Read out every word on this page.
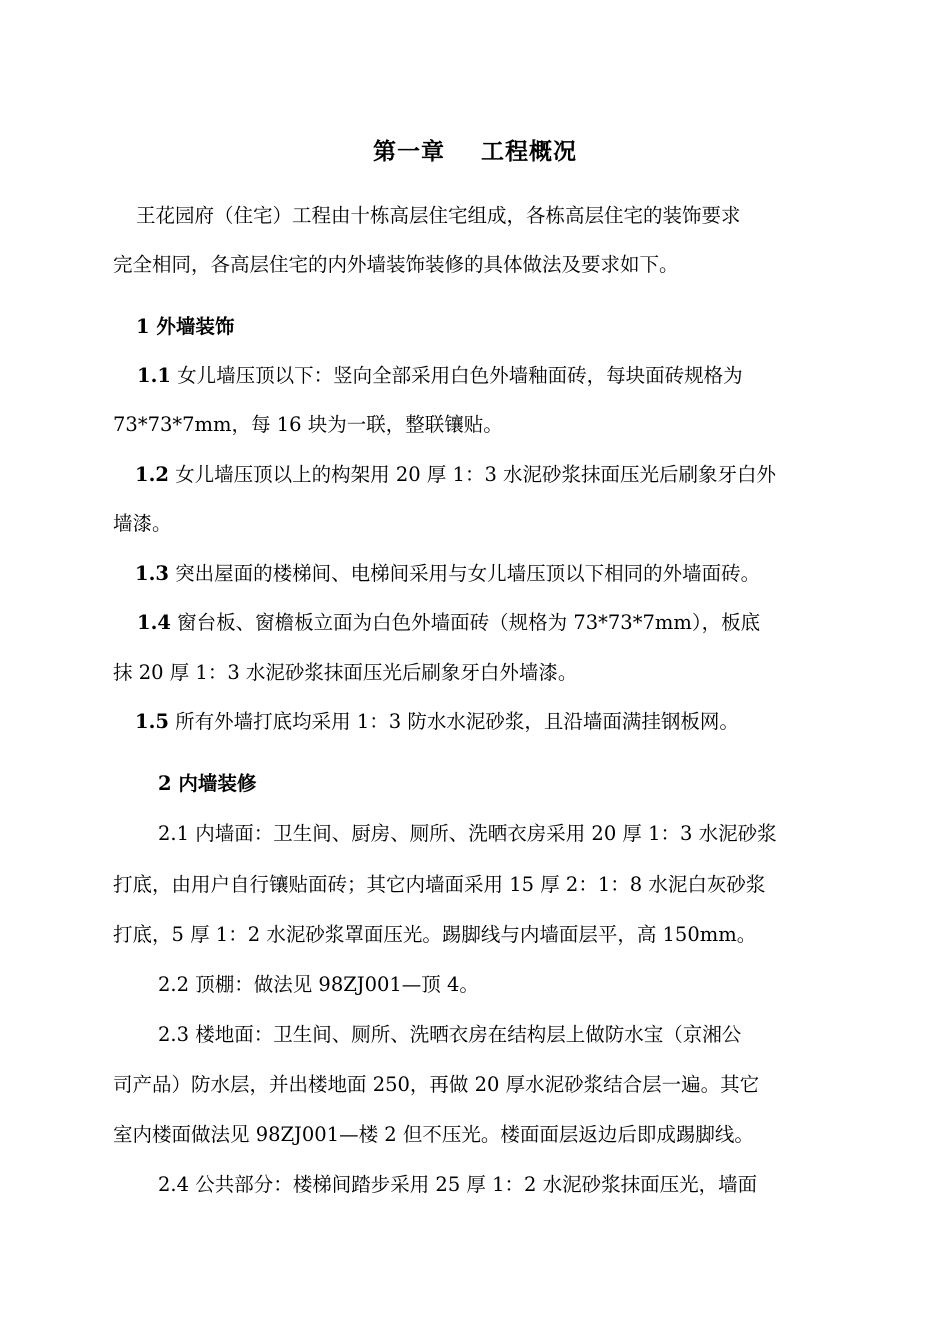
第一章    工程概况
王花园府（住宅）工程由十栋高层住宅组成，各栋高层住宅的装饰要求
完全相同，各高层住宅的内外墙装饰装修的具体做法及要求如下。
1 外墙装饰
1.1 女儿墙压顶以下：竖向全部采用白色外墙釉面砖，每块面砖规格为
73*73*7mm，每 16 块为一联，整联镶贴。
1.2 女儿墙压顶以上的构架用 20 厚 1：3 水泥砂浆抹面压光后刷象牙白外
墙漆。
1.3 突出屋面的楼梯间、电梯间采用与女儿墙压顶以下相同的外墙面砖。
1.4 窗台板、窗檐板立面为白色外墙面砖（规格为 73*73*7mm），板底
抹 20 厚 1：3 水泥砂浆抹面压光后刷象牙白外墙漆。
1.5 所有外墙打底均采用 1：3 防水水泥砂浆，且沿墙面满挂钢板网。
2 内墙装修
2.1 内墙面：卫生间、厨房、厕所、洗晒衣房采用 20 厚 1：3 水泥砂浆
打底，由用户自行镶贴面砖；其它内墙面采用 15 厚 2：1：8 水泥白灰砂浆
打底，5 厚 1：2 水泥砂浆罩面压光。踢脚线与内墙面层平，高 150mm。
2.2 顶棚：做法见 98ZJ001—顶 4。
2.3 楼地面：卫生间、厕所、洗晒衣房在结构层上做防水宝（京湘公
司产品）防水层，并出楼地面 250，再做 20 厚水泥砂浆结合层一遍。其它
室内楼面做法见 98ZJ001—楼 2 但不压光。楼面面层返边后即成踢脚线。
2.4 公共部分：楼梯间踏步采用 25 厚 1：2 水泥砂浆抹面压光，墙面
